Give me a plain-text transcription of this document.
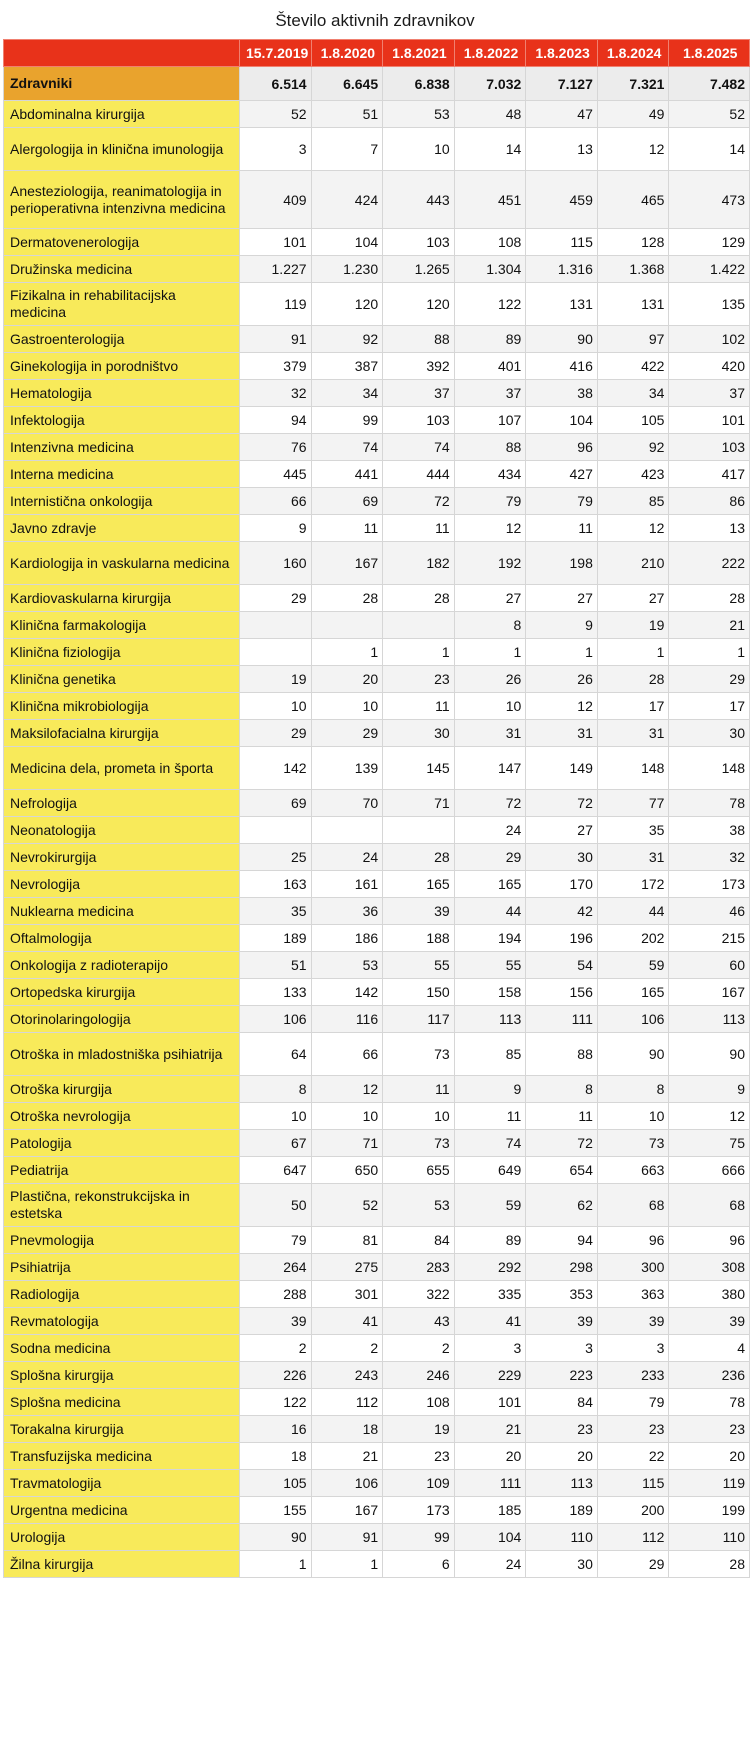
Število aktivnih zdravnikov
	15.7.2019	1.8.2020	1.8.2021	1.8.2022	1.8.2023	1.8.2024	1.8.2025
Zdravniki	6.514	6.645	6.838	7.032	7.127	7.321	7.482
Abdominalna kirurgija	52	51	53	48	47	49	52
Alergologija in klinična imunologija	3	7	10	14	13	12	14
Anesteziologija, reanimatologija in perioperativna intenzivna medicina	409	424	443	451	459	465	473
Dermatovenerologija	101	104	103	108	115	128	129
Družinska medicina	1.227	1.230	1.265	1.304	1.316	1.368	1.422
Fizikalna in rehabilitacijska medicina	119	120	120	122	131	131	135
Gastroenterologija	91	92	88	89	90	97	102
Ginekologija in porodništvo	379	387	392	401	416	422	420
Hematologija	32	34	37	37	38	34	37
Infektologija	94	99	103	107	104	105	101
Intenzivna medicina	76	74	74	88	96	92	103
Interna medicina	445	441	444	434	427	423	417
Internistična onkologija	66	69	72	79	79	85	86
Javno zdravje	9	11	11	12	11	12	13
Kardiologija in vaskularna medicina	160	167	182	192	198	210	222
Kardiovaskularna kirurgija	29	28	28	27	27	27	28
Klinična farmakologija				8	9	19	21
Klinična fiziologija		1	1	1	1	1	1
Klinična genetika	19	20	23	26	26	28	29
Klinična mikrobiologija	10	10	11	10	12	17	17
Maksilofacialna kirurgija	29	29	30	31	31	31	30
Medicina dela, prometa in športa	142	139	145	147	149	148	148
Nefrologija	69	70	71	72	72	77	78
Neonatologija				24	27	35	38
Nevrokirurgija	25	24	28	29	30	31	32
Nevrologija	163	161	165	165	170	172	173
Nuklearna medicina	35	36	39	44	42	44	46
Oftalmologija	189	186	188	194	196	202	215
Onkologija z radioterapijo	51	53	55	55	54	59	60
Ortopedska kirurgija	133	142	150	158	156	165	167
Otorinolaringologija	106	116	117	113	111	106	113
Otroška in mladostniška psihiatrija	64	66	73	85	88	90	90
Otroška kirurgija	8	12	11	9	8	8	9
Otroška nevrologija	10	10	10	11	11	10	12
Patologija	67	71	73	74	72	73	75
Pediatrija	647	650	655	649	654	663	666
Plastična, rekonstrukcijska in estetska	50	52	53	59	62	68	68
Pnevmologija	79	81	84	89	94	96	96
Psihiatrija	264	275	283	292	298	300	308
Radiologija	288	301	322	335	353	363	380
Revmatologija	39	41	43	41	39	39	39
Sodna medicina	2	2	2	3	3	3	4
Splošna kirurgija	226	243	246	229	223	233	236
Splošna medicina	122	112	108	101	84	79	78
Torakalna kirurgija	16	18	19	21	23	23	23
Transfuzijska medicina	18	21	23	20	20	22	20
Travmatologija	105	106	109	111	113	115	119
Urgentna medicina	155	167	173	185	189	200	199
Urologija	90	91	99	104	110	112	110
Žilna kirurgija	1	1	6	24	30	29	28
